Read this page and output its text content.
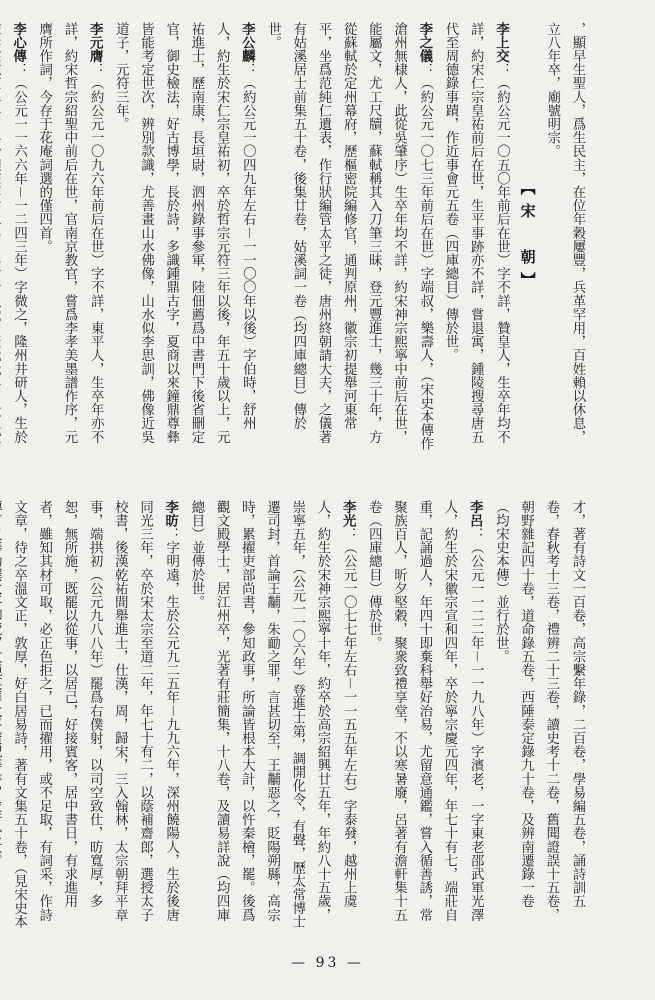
，顯早生聖人，爲生民主，在位年穀屢豐，兵革罕用，百姓賴以休息，立八年卒，廟號明宗。
【宋　朝】
李上交：（約公元一〇五〇年前后在世）字不詳，贊皇人，生卒年均不詳，約宋仁宗皇祐前后在世，生平事跡亦不詳，嘗退寓，鍾陵搜尋唐五代至周德錄事蹟，作近事會元五卷（四庫總目）傳於世。
李之儀：（約公元一〇七三年前后在世）字端叔，樂壽人，（宋史本傳作滄州無棣人，此從吳肇序）生卒年均不詳，約宋神宗熙寧中前后在世，能屬文，尤工尺牘，蘇軾稱其入刀筆三昧，登元豐進士，幾三十年，方從蘇軾於定州幕府，歷樞密院編修官，通判原州，徽宗初提舉河東常平，坐爲范純仁遺表，作行狀編管太平之徒，唐州終朝請大夫，之儀著有姑溪居士前集五十卷，後集廿卷，姑溪詞一卷（均四庫總目）傳於世。
李公麟：（約公元一〇四九年左右－一一〇〇年以後）字伯時，舒州人，約生於宋仁宗皇祐初，卒於哲宗元符三年以後，年五十歲以上，元祐進士，歷南康，長垣尉，泗州錄事參軍，陸佃薦爲中書門下後省刪定官，御史檢法，好古博學，長於詩，多識鍾鼎古字，夏商以來鐘鼎尊彝皆能考定世次，辨別款識，尤善畫山水佛像，山水似李思訓，佛像近吳道子，元符三年。
李元膺：（約公元一〇九六年前后在世）字不詳，東平人，生卒年亦不詳，約宋哲宗紹聖中前后在世，官南京教官，嘗爲李孝美墨譜作序，元膺所作詞，今存于花庵詞選的僅四首。
李心傳：（公元一一六六年－一二四三年）字微之，隆州井研人，生於
才，著有詩文一百卷，高宗繫年錄，二百卷，學易編五卷，誦詩訓五卷，春秋考十三卷，禮辨二十三卷，讀史考十二卷，舊聞證誤十五卷，朝野雜記四十卷，道命錄五卷，西陲泰定錄九十卷，及辨南遷錄一卷（均宋史本傳）並行於世。
李呂：（公元一一二二年－一一九八年）字濱老，一字東老邵武軍光澤人，約生於宋徽宗宣和四年，卒於寧宗慶元四年，年七十有七，端莊自重，記誦過人，年四十即棄科舉好治易，尤留意通鑑，嘗入循善誘，常聚族百人，昕夕堅穀，聚衆致禮享堂，不以寒暑廢，呂著有澹軒集十五卷（四庫總目）傳於世。
李光：（公元一〇七七年左右－一一五五年左右）字泰發，越州上虞人，約生於宋神宗熙寧十年，約卒於高宗紹興廿五年，年約八十五歲，崇寧五年，（公元一一〇六年）登進士第，調開化令，有聲，歷太常博士遷司封，首論王黼，朱勔之罪，言甚切至，王黼惡之，貶陽朔縣，高宗時，累擢吏部尚書，參知政事，所論皆根本大計，以忤秦檜，罷。後爲觀文殿學士，居江州卒，光著有莊簡集，十八卷，及讀易詳說（均四庫總目）並傳於世。
李昉：字明遠，生於公元九二五年－九九六年，深州饒陽人，生於後唐同光三年，卒於宋太宗至道二年，年七十有二，以蔭補齋郎，選授太子校書，後漢乾祐間舉進士，仕漢，周，歸宋，三入翰林，太宗朝拜平章事，端拱初（公元九八八年）罷爲右僕射，以司空致仕，昉寬厚，多恕，無所施，既罷以從事，以居己，好接賓客，居中書日，有求進用者，雖知其材可取，必正色拒之，已而擢用，或不足取，有詞采，作詩文章，待之卒溫文正，敦厚，好白居易詩，著有文集五十卷，（見宋史本
— 93 —
